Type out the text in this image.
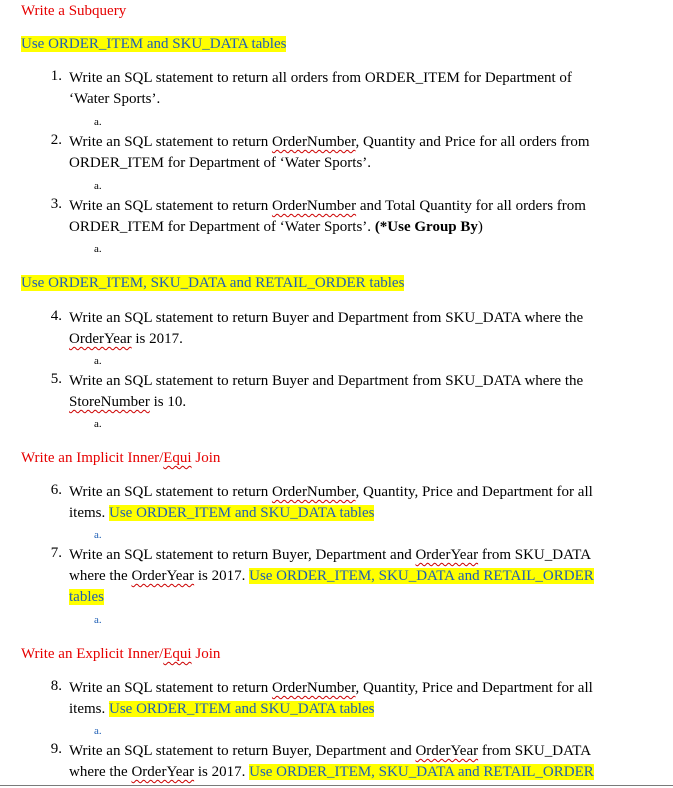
Write a Subquery
Use ORDER_ITEM and SKU_DATA tables
1. Write an SQL statement to return all orders from ORDER_ITEM for Department of
‘Water Sports’.
a.
2. Write an SQL statement to return OrderNumber, Quantity and Price for all orders from
ORDER_ITEM for Department of ‘Water Sports’.
a.
3. Write an SQL statement to return OrderNumber and Total Quantity for all orders from
ORDER_ITEM for Department of ‘Water Sports’. (*Use Group By)
a.
Use ORDER_ITEM, SKU_DATA and RETAIL_ORDER tables
4. Write an SQL statement to return Buyer and Department from SKU_DATA where the
OrderYear is 2017.
a.
5. Write an SQL statement to return Buyer and Department from SKU_DATA where the
StoreNumber is 10.
a.
Write an Implicit Inner/Equi Join
6. Write an SQL statement to return OrderNumber, Quantity, Price and Department for all
items. Use ORDER_ITEM and SKU_DATA tables
a.
7. Write an SQL statement to return Buyer, Department and OrderYear from SKU_DATA
where the OrderYear is 2017. Use ORDER_ITEM, SKU_DATA and RETAIL_ORDER
tables
a.
Write an Explicit Inner/Equi Join
8. Write an SQL statement to return OrderNumber, Quantity, Price and Department for all
items. Use ORDER_ITEM and SKU_DATA tables
a.
9. Write an SQL statement to return Buyer, Department and OrderYear from SKU_DATA
where the OrderYear is 2017. Use ORDER_ITEM, SKU_DATA and RETAIL_ORDER
